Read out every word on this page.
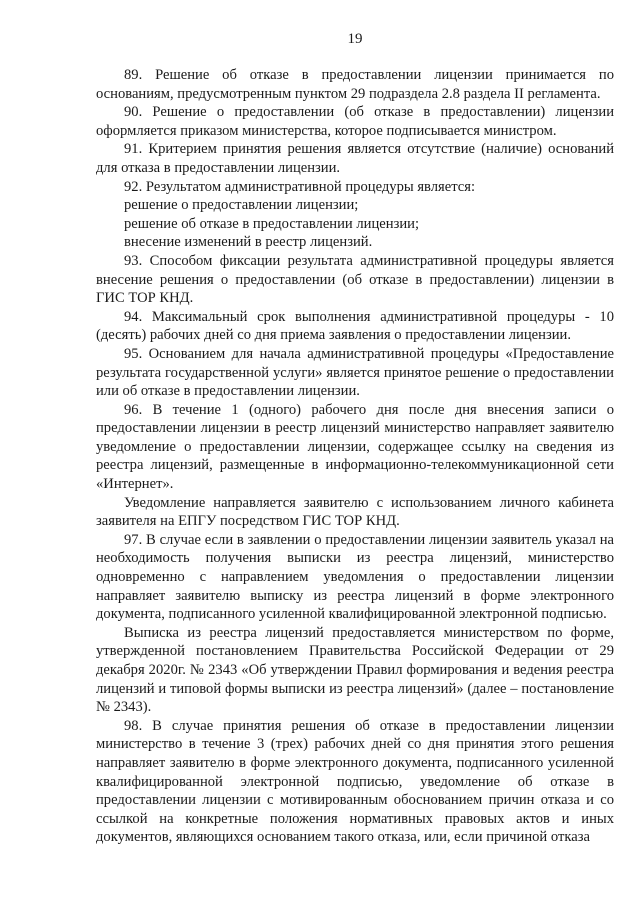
19

89. Решение об отказе в предоставлении лицензии принимается по основаниям, предусмотренным пунктом 29 подраздела 2.8 раздела II регламента.

90. Решение о предоставлении (об отказе в предоставлении) лицензии оформляется приказом министерства, которое подписывается министром.

91. Критерием принятия решения является отсутствие (наличие) оснований для отказа в предоставлении лицензии.

92. Результатом административной процедуры является:

решение о предоставлении лицензии;

решение об отказе в предоставлении лицензии;

внесение изменений в реестр лицензий.

93. Способом фиксации результата административной процедуры является внесение решения о предоставлении (об отказе в предоставлении) лицензии в ГИС ТОР КНД.

94. Максимальный срок выполнения административной процедуры - 10 (десять) рабочих дней со дня приема заявления о предоставлении лицензии.

95. Основанием для начала административной процедуры «Предоставление результата государственной услуги» является принятое решение о предоставлении или об отказе в предоставлении лицензии.

96. В течение 1 (одного) рабочего дня после дня внесения записи о предоставлении лицензии в реестр лицензий министерство направляет заявителю уведомление о предоставлении лицензии, содержащее ссылку на сведения из реестра лицензий, размещенные в информационно-телекоммуникационной сети «Интернет».

Уведомление направляется заявителю с использованием личного кабинета заявителя на ЕПГУ посредством ГИС ТОР КНД.

97. В случае если в заявлении о предоставлении лицензии заявитель указал на необходимость получения выписки из реестра лицензий, министерство одновременно с направлением уведомления о предоставлении лицензии направляет заявителю выписку из реестра лицензий в форме электронного документа, подписанного усиленной квалифицированной электронной подписью.

Выписка из реестра лицензий предоставляется министерством по форме, утвержденной постановлением Правительства Российской Федерации от 29 декабря 2020г. № 2343 «Об утверждении Правил формирования и ведения реестра лицензий и типовой формы выписки из реестра лицензий» (далее – постановление № 2343).

98. В случае принятия решения об отказе в предоставлении лицензии министерство в течение 3 (трех) рабочих дней со дня принятия этого решения направляет заявителю в форме электронного документа, подписанного усиленной квалифицированной электронной подписью, уведомление об отказе в предоставлении лицензии с мотивированным обоснованием причин отказа и со ссылкой на конкретные положения нормативных правовых актов и иных документов, являющихся основанием такого отказа, или, если причиной отказа
